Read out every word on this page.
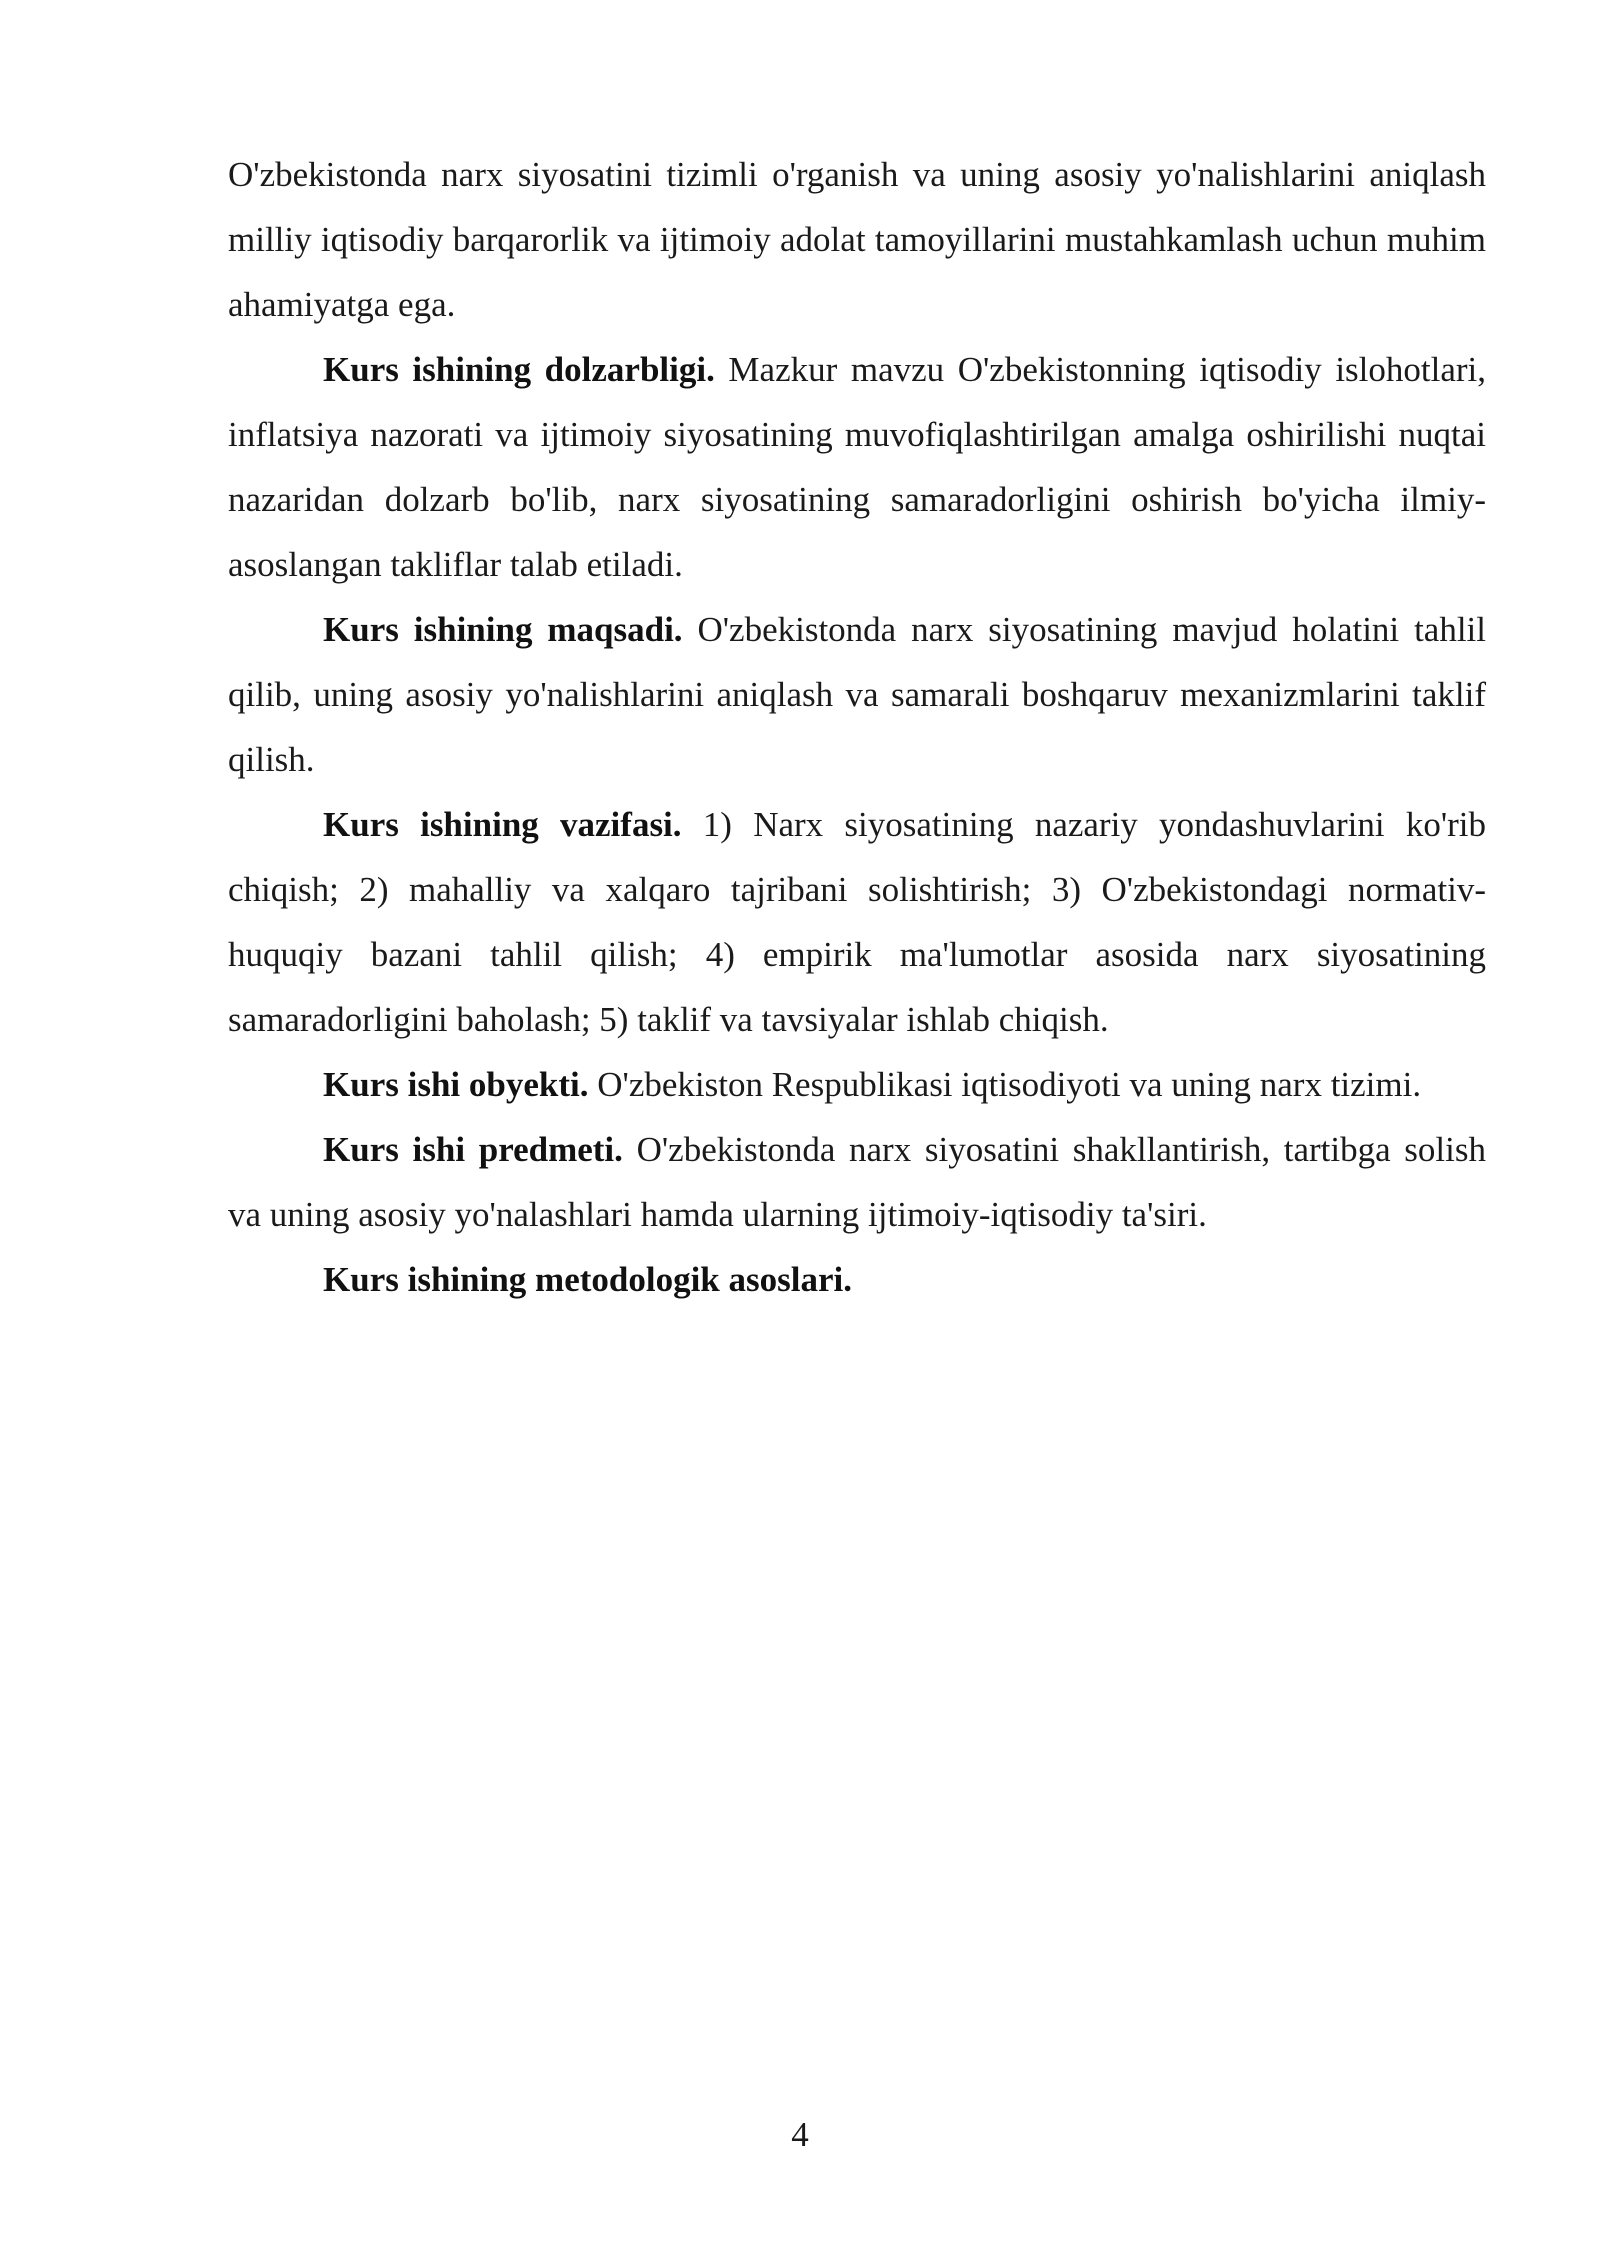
O'zbekistonda narx siyosatini tizimli o'rganish va uning asosiy yo'nalishlarini aniqlash milliy iqtisodiy barqarorlik va ijtimoiy adolat tamoyillarini mustahkamlash uchun muhim ahamiyatga ega.

Kurs ishining dolzarbligi. Mazkur mavzu O'zbekistonning iqtisodiy islohotlari, inflatsiya nazorati va ijtimoiy siyosatining muvofiqlashtirilgan amalga oshirilishi nuqtai nazaridan dolzarb bo'lib, narx siyosatining samaradorligini oshirish bo'yicha ilmiy-asoslangan takliflar talab etiladi.

Kurs ishining maqsadi. O'zbekistonda narx siyosatining mavjud holatini tahlil qilib, uning asosiy yo'nalishlarini aniqlash va samarali boshqaruv mexanizmlarini taklif qilish.

Kurs ishining vazifasi. 1) Narx siyosatining nazariy yondashuvlarini ko'rib chiqish; 2) mahalliy va xalqaro tajribani solishtirish; 3) O'zbekistondagi normativ-huquqiy bazani tahlil qilish; 4) empirik ma'lumotlar asosida narx siyosatining samaradorligini baholash; 5) taklif va tavsiyalar ishlab chiqish.

Kurs ishi obyekti. O'zbekiston Respublikasi iqtisodiyoti va uning narx tizimi.

Kurs ishi predmeti. O'zbekistonda narx siyosatini shakllantirish, tartibga solish va uning asosiy yo'nalashlari hamda ularning ijtimoiy-iqtisodiy ta'siri.

Kurs ishining metodologik asoslari.

4
